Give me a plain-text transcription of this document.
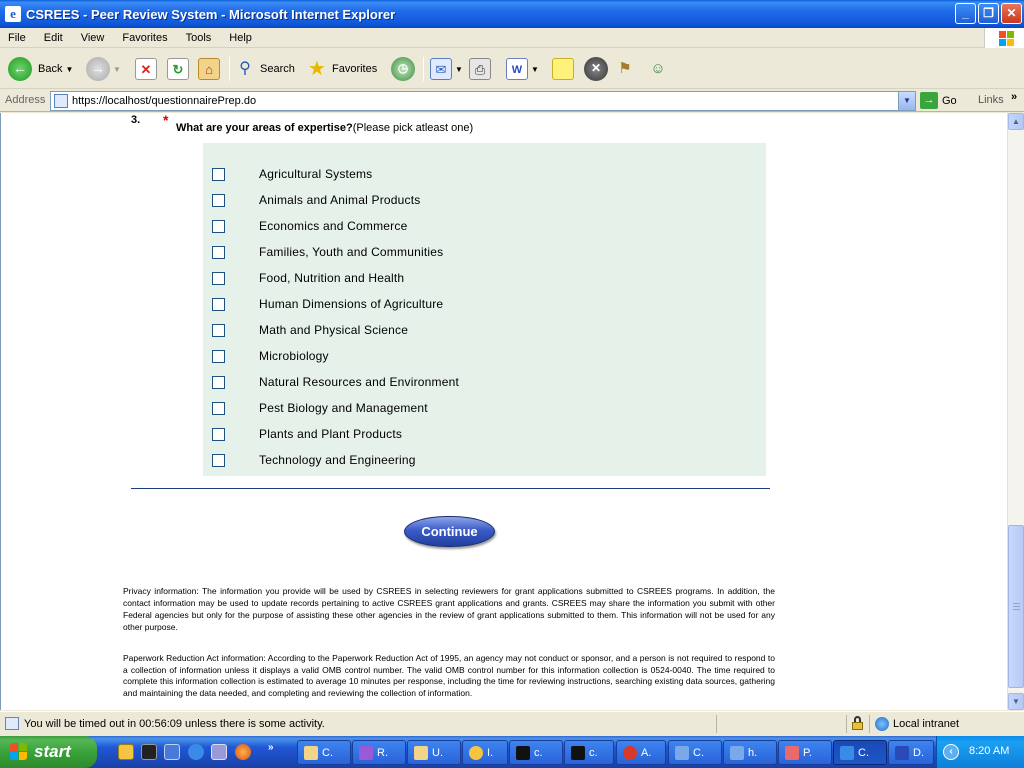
e CSREES - Peer Review System - Microsoft Internet Explorer	_	❐	✕
File	Edit	View	Favorites	Tools	Help
←	Back ▼	→	▼	✕	↻	⌂	⚲ Search ★ Favorites	◷	✉	▼ ⎙	W	▼	✕	⚑ ☺
Address https://localhost/questionnairePrep.do	▼	→ Go Links »
3. * What are your areas of expertise?(Please pick atleast one)
Agricultural Systems
Animals and Animal Products
Economics and Commerce
Families, Youth and Communities
Food, Nutrition and Health
Human Dimensions of Agriculture
Math and Physical Science
Microbiology
Natural Resources and Environment
Pest Biology and Management
Plants and Plant Products
Technology and Engineering
Continue

Privacy information: The information you provide will be used by CSREES in selecting reviewers for grant applications submitted to CSREES programs. In addition, the contact information may be used to update records pertaining to active CSREES grant applications and grants. CSREES may share the information you submit with other Federal agencies but only for the purpose of assisting these other agencies in the review of grant applications submitted to them. This information will not be used for any other purpose.

Paperwork Reduction Act information: According to the Paperwork Reduction Act of 1995, an agency may not conduct or sponsor, and a person is not required to respond to a collection of information unless it displays a valid OMB control number. The valid OMB control number for this information collection is 0524-0040. The time required to complete this information collection is estimated to average 10 minutes per response, including the time for reviewing instructions, searching existing data sources, gathering and maintaining the data needed, and completing and reviewing the collection of information.

▲
▼
You will be timed out in 00:56:09 unless there is some activity.	Local intranet
start	»	C.	R.	U.	I.	c.	c.	A.	C.	h.	P.	C.	D.	‹	8:20 AM
